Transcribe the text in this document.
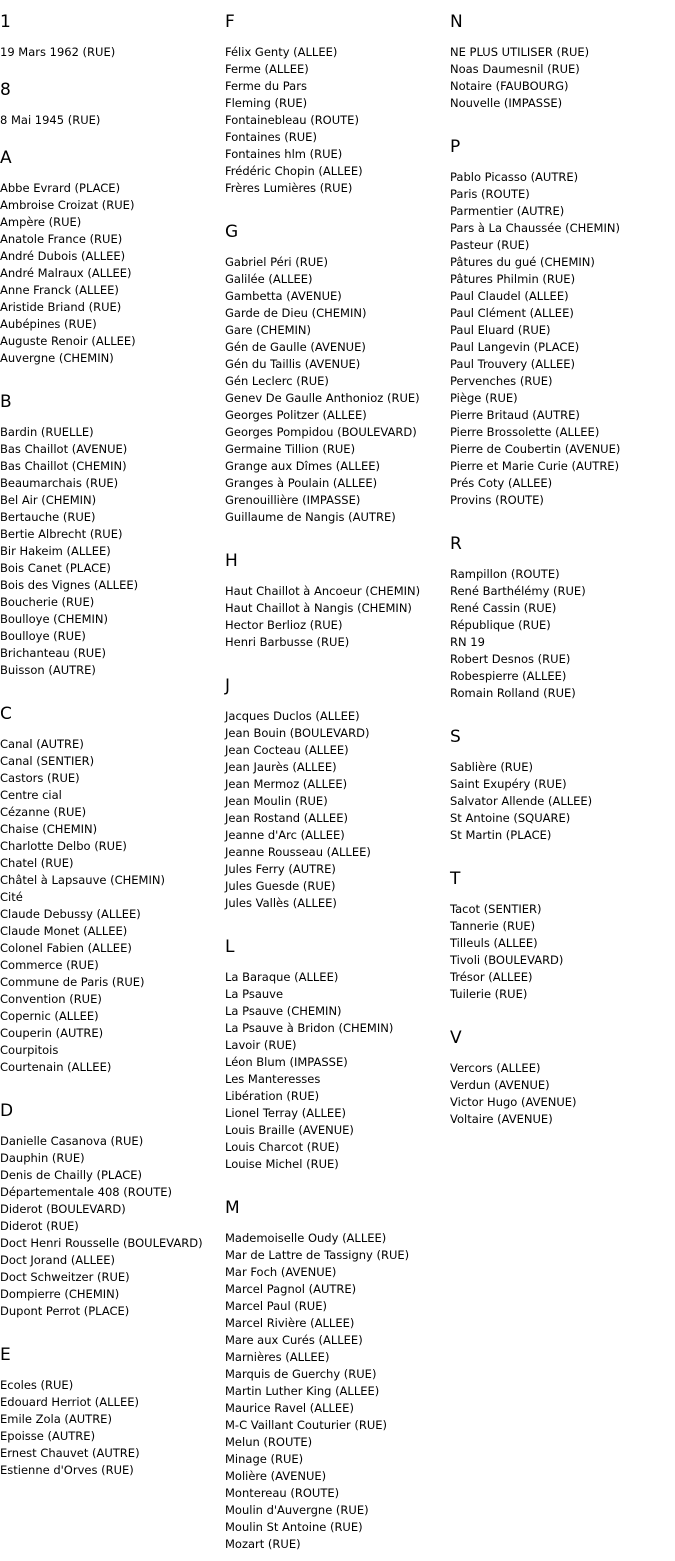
1
19 Mars 1962 (RUE)
8
8 Mai 1945 (RUE)
A
Abbe Evrard (PLACE)
Ambroise Croizat (RUE)
Ampère (RUE)
Anatole France (RUE)
André Dubois (ALLEE)
André Malraux (ALLEE)
Anne Franck (ALLEE)
Aristide Briand (RUE)
Aubépines (RUE)
Auguste Renoir (ALLEE)
Auvergne (CHEMIN)
B
Bardin (RUELLE)
Bas Chaillot (AVENUE)
Bas Chaillot (CHEMIN)
Beaumarchais (RUE)
Bel Air (CHEMIN)
Bertauche (RUE)
Bertie Albrecht (RUE)
Bir Hakeim (ALLEE)
Bois Canet (PLACE)
Bois des Vignes (ALLEE)
Boucherie (RUE)
Boulloye (CHEMIN)
Boulloye (RUE)
Brichanteau (RUE)
Buisson (AUTRE)
C
Canal (AUTRE)
Canal (SENTIER)
Castors (RUE)
Centre cial
Cézanne (RUE)
Chaise (CHEMIN)
Charlotte Delbo (RUE)
Chatel (RUE)
Châtel à Lapsauve (CHEMIN)
Cité
Claude Debussy (ALLEE)
Claude Monet (ALLEE)
Colonel Fabien (ALLEE)
Commerce (RUE)
Commune de Paris (RUE)
Convention (RUE)
Copernic (ALLEE)
Couperin (AUTRE)
Courpitois
Courtenain (ALLEE)
D
Danielle Casanova (RUE)
Dauphin (RUE)
Denis de Chailly (PLACE)
Départementale 408 (ROUTE)
Diderot (BOULEVARD)
Diderot (RUE)
Doct Henri Rousselle (BOULEVARD)
Doct Jorand (ALLEE)
Doct Schweitzer (RUE)
Dompierre (CHEMIN)
Dupont Perrot (PLACE)
E
Ecoles (RUE)
Edouard Herriot (ALLEE)
Emile Zola (AUTRE)
Epoisse (AUTRE)
Ernest Chauvet (AUTRE)
Estienne d'Orves (RUE)
F
Félix Genty (ALLEE)
Ferme (ALLEE)
Ferme du Pars
Fleming (RUE)
Fontainebleau (ROUTE)
Fontaines (RUE)
Fontaines hlm (RUE)
Frédéric Chopin (ALLEE)
Frères Lumières (RUE)
G
Gabriel Péri (RUE)
Galilée (ALLEE)
Gambetta (AVENUE)
Garde de Dieu (CHEMIN)
Gare (CHEMIN)
Gén de Gaulle (AVENUE)
Gén du Taillis (AVENUE)
Gén Leclerc (RUE)
Genev De Gaulle Anthonioz (RUE)
Georges Politzer (ALLEE)
Georges Pompidou (BOULEVARD)
Germaine Tillion (RUE)
Grange aux Dîmes (ALLEE)
Granges à Poulain (ALLEE)
Grenouillière (IMPASSE)
Guillaume de Nangis (AUTRE)
H
Haut Chaillot à Ancoeur (CHEMIN)
Haut Chaillot à Nangis (CHEMIN)
Hector Berlioz (RUE)
Henri Barbusse (RUE)
J
Jacques Duclos (ALLEE)
Jean Bouin (BOULEVARD)
Jean Cocteau (ALLEE)
Jean Jaurès (ALLEE)
Jean Mermoz (ALLEE)
Jean Moulin (RUE)
Jean Rostand (ALLEE)
Jeanne d'Arc (ALLEE)
Jeanne Rousseau (ALLEE)
Jules Ferry (AUTRE)
Jules Guesde (RUE)
Jules Vallès (ALLEE)
L
La Baraque (ALLEE)
La Psauve
La Psauve (CHEMIN)
La Psauve à Bridon (CHEMIN)
Lavoir (RUE)
Léon Blum (IMPASSE)
Les Manteresses
Libération (RUE)
Lionel Terray (ALLEE)
Louis Braille (AVENUE)
Louis Charcot (RUE)
Louise Michel (RUE)
M
Mademoiselle Oudy (ALLEE)
Mar de Lattre de Tassigny (RUE)
Mar Foch (AVENUE)
Marcel Pagnol (AUTRE)
Marcel Paul (RUE)
Marcel Rivière (ALLEE)
Mare aux Curés (ALLEE)
Marnières (ALLEE)
Marquis de Guerchy (RUE)
Martin Luther King (ALLEE)
Maurice Ravel (ALLEE)
M-C Vaillant Couturier (RUE)
Melun (ROUTE)
Minage (RUE)
Molière (AVENUE)
Montereau (ROUTE)
Moulin d'Auvergne (RUE)
Moulin St Antoine (RUE)
Mozart (RUE)
N
NE PLUS UTILISER (RUE)
Noas Daumesnil (RUE)
Notaire (FAUBOURG)
Nouvelle (IMPASSE)
P
Pablo Picasso (AUTRE)
Paris (ROUTE)
Parmentier (AUTRE)
Pars à La Chaussée (CHEMIN)
Pasteur (RUE)
Pâtures du gué (CHEMIN)
Pâtures Philmin (RUE)
Paul Claudel (ALLEE)
Paul Clément (ALLEE)
Paul Eluard (RUE)
Paul Langevin (PLACE)
Paul Trouvery (ALLEE)
Pervenches (RUE)
Piège (RUE)
Pierre Britaud (AUTRE)
Pierre Brossolette (ALLEE)
Pierre de Coubertin (AVENUE)
Pierre et Marie Curie (AUTRE)
Prés Coty (ALLEE)
Provins (ROUTE)
R
Rampillon (ROUTE)
René Barthélémy (RUE)
René Cassin (RUE)
République (RUE)
RN 19
Robert Desnos (RUE)
Robespierre (ALLEE)
Romain Rolland (RUE)
S
Sablière (RUE)
Saint Exupéry (RUE)
Salvator Allende (ALLEE)
St Antoine (SQUARE)
St Martin (PLACE)
T
Tacot (SENTIER)
Tannerie (RUE)
Tilleuls (ALLEE)
Tivoli (BOULEVARD)
Trésor (ALLEE)
Tuilerie (RUE)
V
Vercors (ALLEE)
Verdun (AVENUE)
Victor Hugo (AVENUE)
Voltaire (AVENUE)
